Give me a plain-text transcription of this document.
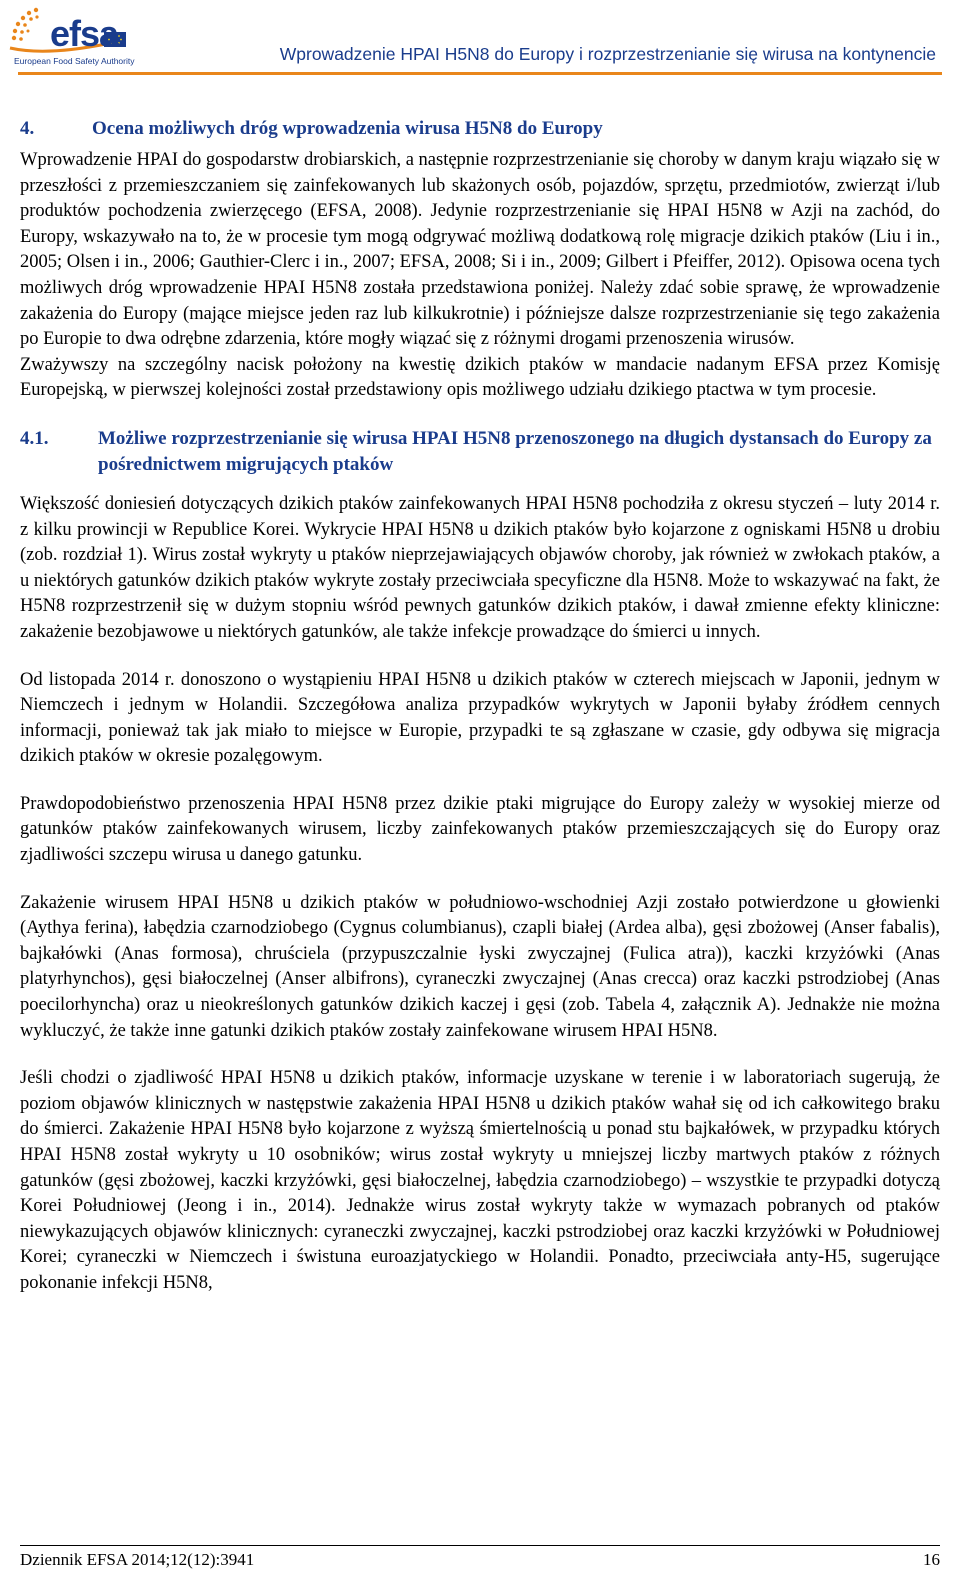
efsa
European Food Safety Authority	Wprowadzenie HPAI H5N8 do Europy i rozprzestrzenianie się wirusa na kontynencie
4.	Ocena możliwych dróg wprowadzenia wirusa H5N8 do Europy

Wprowadzenie HPAI do gospodarstw drobiarskich, a następnie rozprzestrzenianie się choroby w danym kraju wiązało się w przeszłości z przemieszczaniem się zainfekowanych lub skażonych osób, pojazdów, sprzętu, przedmiotów, zwierząt i/lub produktów pochodzenia zwierzęcego (EFSA, 2008). Jedynie rozprzestrzenianie się HPAI H5N8 w Azji na zachód, do Europy, wskazywało na to, że w procesie tym mogą odgrywać możliwą dodatkową rolę migracje dzikich ptaków (Liu i in., 2005; Olsen i in., 2006; Gauthier-Clerc i in., 2007; EFSA, 2008; Si i in., 2009; Gilbert i Pfeiffer, 2012). Opisowa ocena tych możliwych dróg wprowadzenie HPAI H5N8 została przedstawiona poniżej. Należy zdać sobie sprawę, że wprowadzenie zakażenia do Europy (mające miejsce jeden raz lub kilkukrotnie) i późniejsze dalsze rozprzestrzenianie się tego zakażenia po Europie to dwa odrębne zdarzenia, które mogły wiązać się z różnymi drogami przenoszenia wirusów.

Zważywszy na szczególny nacisk położony na kwestię dzikich ptaków w mandacie nadanym EFSA przez Komisję Europejską, w pierwszej kolejności został przedstawiony opis możliwego udziału dzikiego ptactwa w tym procesie.

4.1.	Możliwe rozprzestrzenianie się wirusa HPAI H5N8 przenoszonego na długich dystansach do Europy za pośrednictwem migrujących ptaków

Większość doniesień dotyczących dzikich ptaków zainfekowanych HPAI H5N8 pochodziła z okresu styczeń – luty 2014 r. z kilku prowincji w Republice Korei. Wykrycie HPAI H5N8 u dzikich ptaków było kojarzone z ogniskami H5N8 u drobiu (zob. rozdział 1). Wirus został wykryty u ptaków nieprzejawiających objawów choroby, jak również w zwłokach ptaków, a u niektórych gatunków dzikich ptaków wykryte zostały przeciwciała specyficzne dla H5N8. Może to wskazywać na fakt, że H5N8 rozprzestrzenił się w dużym stopniu wśród pewnych gatunków dzikich ptaków, i dawał zmienne efekty kliniczne: zakażenie bezobjawowe u niektórych gatunków, ale także infekcje prowadzące do śmierci u innych.

Od listopada 2014 r. donoszono o wystąpieniu HPAI H5N8 u dzikich ptaków w czterech miejscach w Japonii, jednym w Niemczech i jednym w Holandii. Szczegółowa analiza przypadków wykrytych w Japonii byłaby źródłem cennych informacji, ponieważ tak jak miało to miejsce w Europie, przypadki te są zgłaszane w czasie, gdy odbywa się migracja dzikich ptaków w okresie pozalęgowym.

Prawdopodobieństwo przenoszenia HPAI H5N8 przez dzikie ptaki migrujące do Europy zależy w wysokiej mierze od gatunków ptaków zainfekowanych wirusem, liczby zainfekowanych ptaków przemieszczających się do Europy oraz zjadliwości szczepu wirusa u danego gatunku.

Zakażenie wirusem HPAI H5N8 u dzikich ptaków w południowo-wschodniej Azji zostało potwierdzone u głowienki (Aythya ferina), łabędzia czarnodziobego (Cygnus columbianus), czapli białej (Ardea alba), gęsi zbożowej (Anser fabalis), bajkałówki (Anas formosa), chruściela (przypuszczalnie łyski zwyczajnej (Fulica atra)), kaczki krzyżówki (Anas platyrhynchos), gęsi białoczelnej (Anser albifrons), cyraneczki zwyczajnej (Anas crecca) oraz kaczki pstrodziobej (Anas poecilorhyncha) oraz u nieokreślonych gatunków dzikich kaczej i gęsi (zob. Tabela 4, załącznik A). Jednakże nie można wykluczyć, że także inne gatunki dzikich ptaków zostały zainfekowane wirusem HPAI H5N8.

Jeśli chodzi o zjadliwość HPAI H5N8 u dzikich ptaków, informacje uzyskane w terenie i w laboratoriach sugerują, że poziom objawów klinicznych w następstwie zakażenia HPAI H5N8 u dzikich ptaków wahał się od ich całkowitego braku do śmierci. Zakażenie HPAI H5N8 było kojarzone z wyższą śmiertelnością u ponad stu bajkałówek, w przypadku których HPAI H5N8 został wykryty u 10 osobników; wirus został wykryty u mniejszej liczby martwych ptaków z różnych gatunków (gęsi zbożowej, kaczki krzyżówki, gęsi białoczelnej, łabędzia czarnodziobego) – wszystkie te przypadki dotyczą Korei Południowej (Jeong i in., 2014). Jednakże wirus został wykryty także w wymazach pobranych od ptaków niewykazujących objawów klinicznych: cyraneczki zwyczajnej, kaczki pstrodziobej oraz kaczki krzyżówki w Południowej Korei; cyraneczki w Niemczech i świstuna euroazjatyckiego w Holandii. Ponadto, przeciwciała anty-H5, sugerujące pokonanie infekcji H5N8,

Dziennik EFSA 2014;12(12):3941	16
